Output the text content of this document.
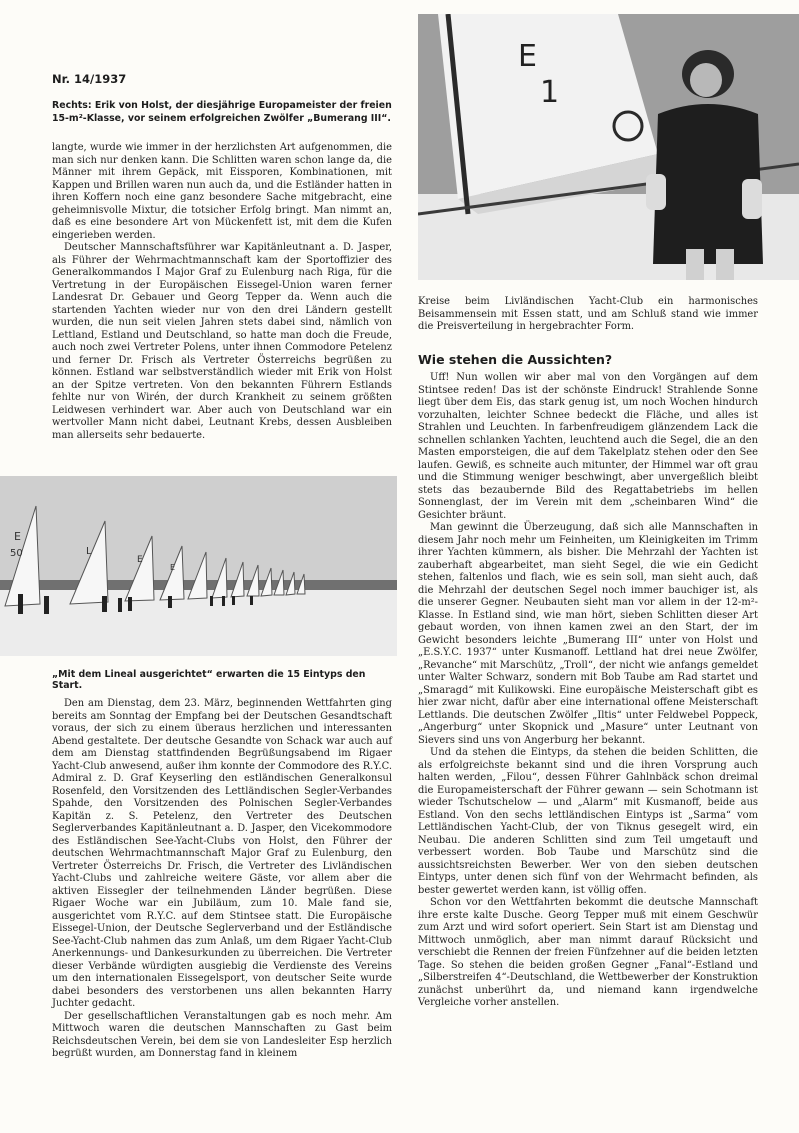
Nr. 14/1937
Rechts: Erik von Holst, der diesjährige Europameister der freien 15-m²-Klasse, vor seinem erfolgreichen Zwölfer „Bumerang III“.

langte, wurde wie immer in der herzlichsten Art aufgenommen, die man sich nur denken kann. Die Schlitten waren schon lange da, die Männer mit ihrem Gepäck, mit Eissporen, Kombinationen, mit Kappen und Brillen waren nun auch da, und die Estländer hatten in ihren Koffern noch eine ganz besondere Sache mitgebracht, eine geheimnisvolle Mixtur, die totsicher Erfolg bringt. Man nimmt an, daß es eine besondere Art von Mückenfett ist, mit dem die Kufen eingerieben werden.

Deutscher Mannschaftsführer war Kapitänleutnant a. D. Jasper, als Führer der Wehrmachtmannschaft kam der Sportoffizier des Generalkommandos I Major Graf zu Eulenburg nach Riga, für die Vertretung in der Europäischen Eissegel-Union waren ferner Landesrat Dr. Gebauer und Georg Tepper da. Wenn auch die startenden Yachten wieder nur von den drei Ländern gestellt wurden, die nun seit vielen Jahren stets dabei sind, nämlich von Lettland, Estland und Deutschland, so hatte man doch die Freude, auch noch zwei Vertreter Polens, unter ihnen Commodore Petelenz und ferner Dr. Frisch als Vertreter Österreichs begrüßen zu können. Estland war selbstverständlich wieder mit Erik von Holst an der Spitze vertreten. Von den bekannten Führern Estlands fehlte nur von Wirén, der durch Krankheit zu seinem größten Leidwesen verhindert war. Aber auch von Deutschland war ein wertvoller Mann nicht dabei, Leutnant Krebs, dessen Ausbleiben man allerseits sehr bedauerte.

E
1
E
50	L
E
E
„Mit dem Lineal ausgerichtet“ erwarten die 15 Eintyps den Start.

Den am Dienstag, dem 23. März, beginnenden Wettfahrten ging bereits am Sonntag der Empfang bei der Deutschen Gesandtschaft voraus, der sich zu einem überaus herzlichen und interessanten Abend gestaltete. Der deutsche Gesandte von Schack war auch auf dem am Dienstag stattfindenden Begrüßungsabend im Rigaer Yacht-Club anwesend, außer ihm konnte der Commodore des R.Y.C. Admiral z. D. Graf Keyserling den estländischen Generalkonsul Rosenfeld, den Vorsitzenden des Lettländischen Segler-Verbandes Spahde, den Vorsitzenden des Polnischen Segler-Verbandes Kapitän z. S. Petelenz, den Vertreter des Deutschen Seglerverbandes Kapitänleutnant a. D. Jasper, den Vicekommodore des Estländischen See-Yacht-Clubs von Holst, den Führer der deutschen Wehrmachtmannschaft Major Graf zu Eulenburg, den Vertreter Österreichs Dr. Frisch, die Vertreter des Livländischen Yacht-Clubs und zahlreiche weitere Gäste, vor allem aber die aktiven Eissegler der teilnehmenden Länder begrüßen. Diese Rigaer Woche war ein Jubiläum, zum 10. Male fand sie, ausgerichtet vom R.Y.C. auf dem Stintsee statt. Die Europäische Eissegel-Union, der Deutsche Seglerverband und der Estländische See-Yacht-Club nahmen das zum Anlaß, um dem Rigaer Yacht-Club Anerkennungs- und Dankesurkunden zu überreichen. Die Vertreter dieser Verbände würdigten ausgiebig die Verdienste des Vereins um den internationalen Eissegelsport, von deutscher Seite wurde dabei besonders des verstorbenen uns allen bekannten Harry Juchter gedacht.

Der gesellschaftlichen Veranstaltungen gab es noch mehr. Am Mittwoch waren die deutschen Mannschaften zu Gast beim Reichsdeutschen Verein, bei dem sie von Landesleiter Esp herzlich begrüßt wurden, am Donnerstag fand in kleinem

Kreise beim Livländischen Yacht-Club ein harmonisches Beisammensein mit Essen statt, und am Schluß stand wie immer die Preisverteilung in hergebrachter Form.

Wie stehen die Aussichten?

Uff! Nun wollen wir aber mal von den Vorgängen auf dem Stintsee reden! Das ist der schönste Eindruck! Strahlende Sonne liegt über dem Eis, das stark genug ist, um noch Wochen hindurch vorzuhalten, leichter Schnee bedeckt die Fläche, und alles ist Strahlen und Leuchten. In farbenfreudigem glänzendem Lack die schnellen schlanken Yachten, leuchtend auch die Segel, die an den Masten emporsteigen, die auf dem Takelplatz stehen oder den See laufen. Gewiß, es schneite auch mitunter, der Himmel war oft grau und die Stimmung weniger beschwingt, aber unvergeßlich bleibt stets das bezaubernde Bild des Regattabetriebs im hellen Sonnenglast, der im Verein mit dem „scheinbaren Wind“ die Gesichter bräunt.

Man gewinnt die Überzeugung, daß sich alle Mannschaften in diesem Jahr noch mehr um Feinheiten, um Kleinigkeiten im Trimm ihrer Yachten kümmern, als bisher. Die Mehrzahl der Yachten ist zauberhaft abgearbeitet, man sieht Segel, die wie ein Gedicht stehen, faltenlos und flach, wie es sein soll, man sieht auch, daß die Mehrzahl der deutschen Segel noch immer bauchiger ist, als die unserer Gegner. Neubauten sieht man vor allem in der 12-m²-Klasse. In Estland sind, wie man hört, sieben Schlitten dieser Art gebaut worden, von ihnen kamen zwei an den Start, der im Gewicht besonders leichte „Bumerang III“ unter von Holst und „E.S.Y.C. 1937“ unter Kusmanoff. Lettland hat drei neue Zwölfer, „Revanche“ mit Marschütz, „Troll“, der nicht wie anfangs gemeldet unter Walter Schwarz, sondern mit Bob Taube am Rad startet und „Smaragd“ mit Kulikowski. Eine europäische Meisterschaft gibt es hier zwar nicht, dafür aber eine international offene Meisterschaft Lettlands. Die deutschen Zwölfer „Iltis“ unter Feldwebel Poppeck, „Angerburg“ unter Skopnick und „Masure“ unter Leutnant von Sievers sind uns von Angerburg her bekannt.

Und da stehen die Eintyps, da stehen die beiden Schlitten, die als erfolgreichste bekannt sind und die ihren Vorsprung auch halten werden, „Filou“, dessen Führer Gahlnbäck schon dreimal die Europameisterschaft der Führer gewann — sein Schotmann ist wieder Tschutschelow — und „Alarm“ mit Kusmanoff, beide aus Estland. Von den sechs lettländischen Eintyps ist „Sarma“ vom Lettländischen Yacht-Club, der von Tiknus gesegelt wird, ein Neubau. Die anderen Schlitten sind zum Teil umgetauft und verbessert worden. Bob Taube und Marschütz sind die aussichtsreichsten Bewerber. Wer von den sieben deutschen Eintyps, unter denen sich fünf von der Wehrmacht befinden, als bester gewertet werden kann, ist völlig offen.

Schon vor den Wettfahrten bekommt die deutsche Mannschaft ihre erste kalte Dusche. Georg Tepper muß mit einem Geschwür zum Arzt und wird sofort operiert. Sein Start ist am Dienstag und Mittwoch unmöglich, aber man nimmt darauf Rücksicht und verschiebt die Rennen der freien Fünfzehner auf die beiden letzten Tage. So stehen die beiden großen Gegner „Fanal“-Estland und „Silberstreifen 4“-Deutschland, die Wettbewerber der Konstruktion zunächst unberührt da, und niemand kann irgendwelche Vergleiche vorher anstellen.
